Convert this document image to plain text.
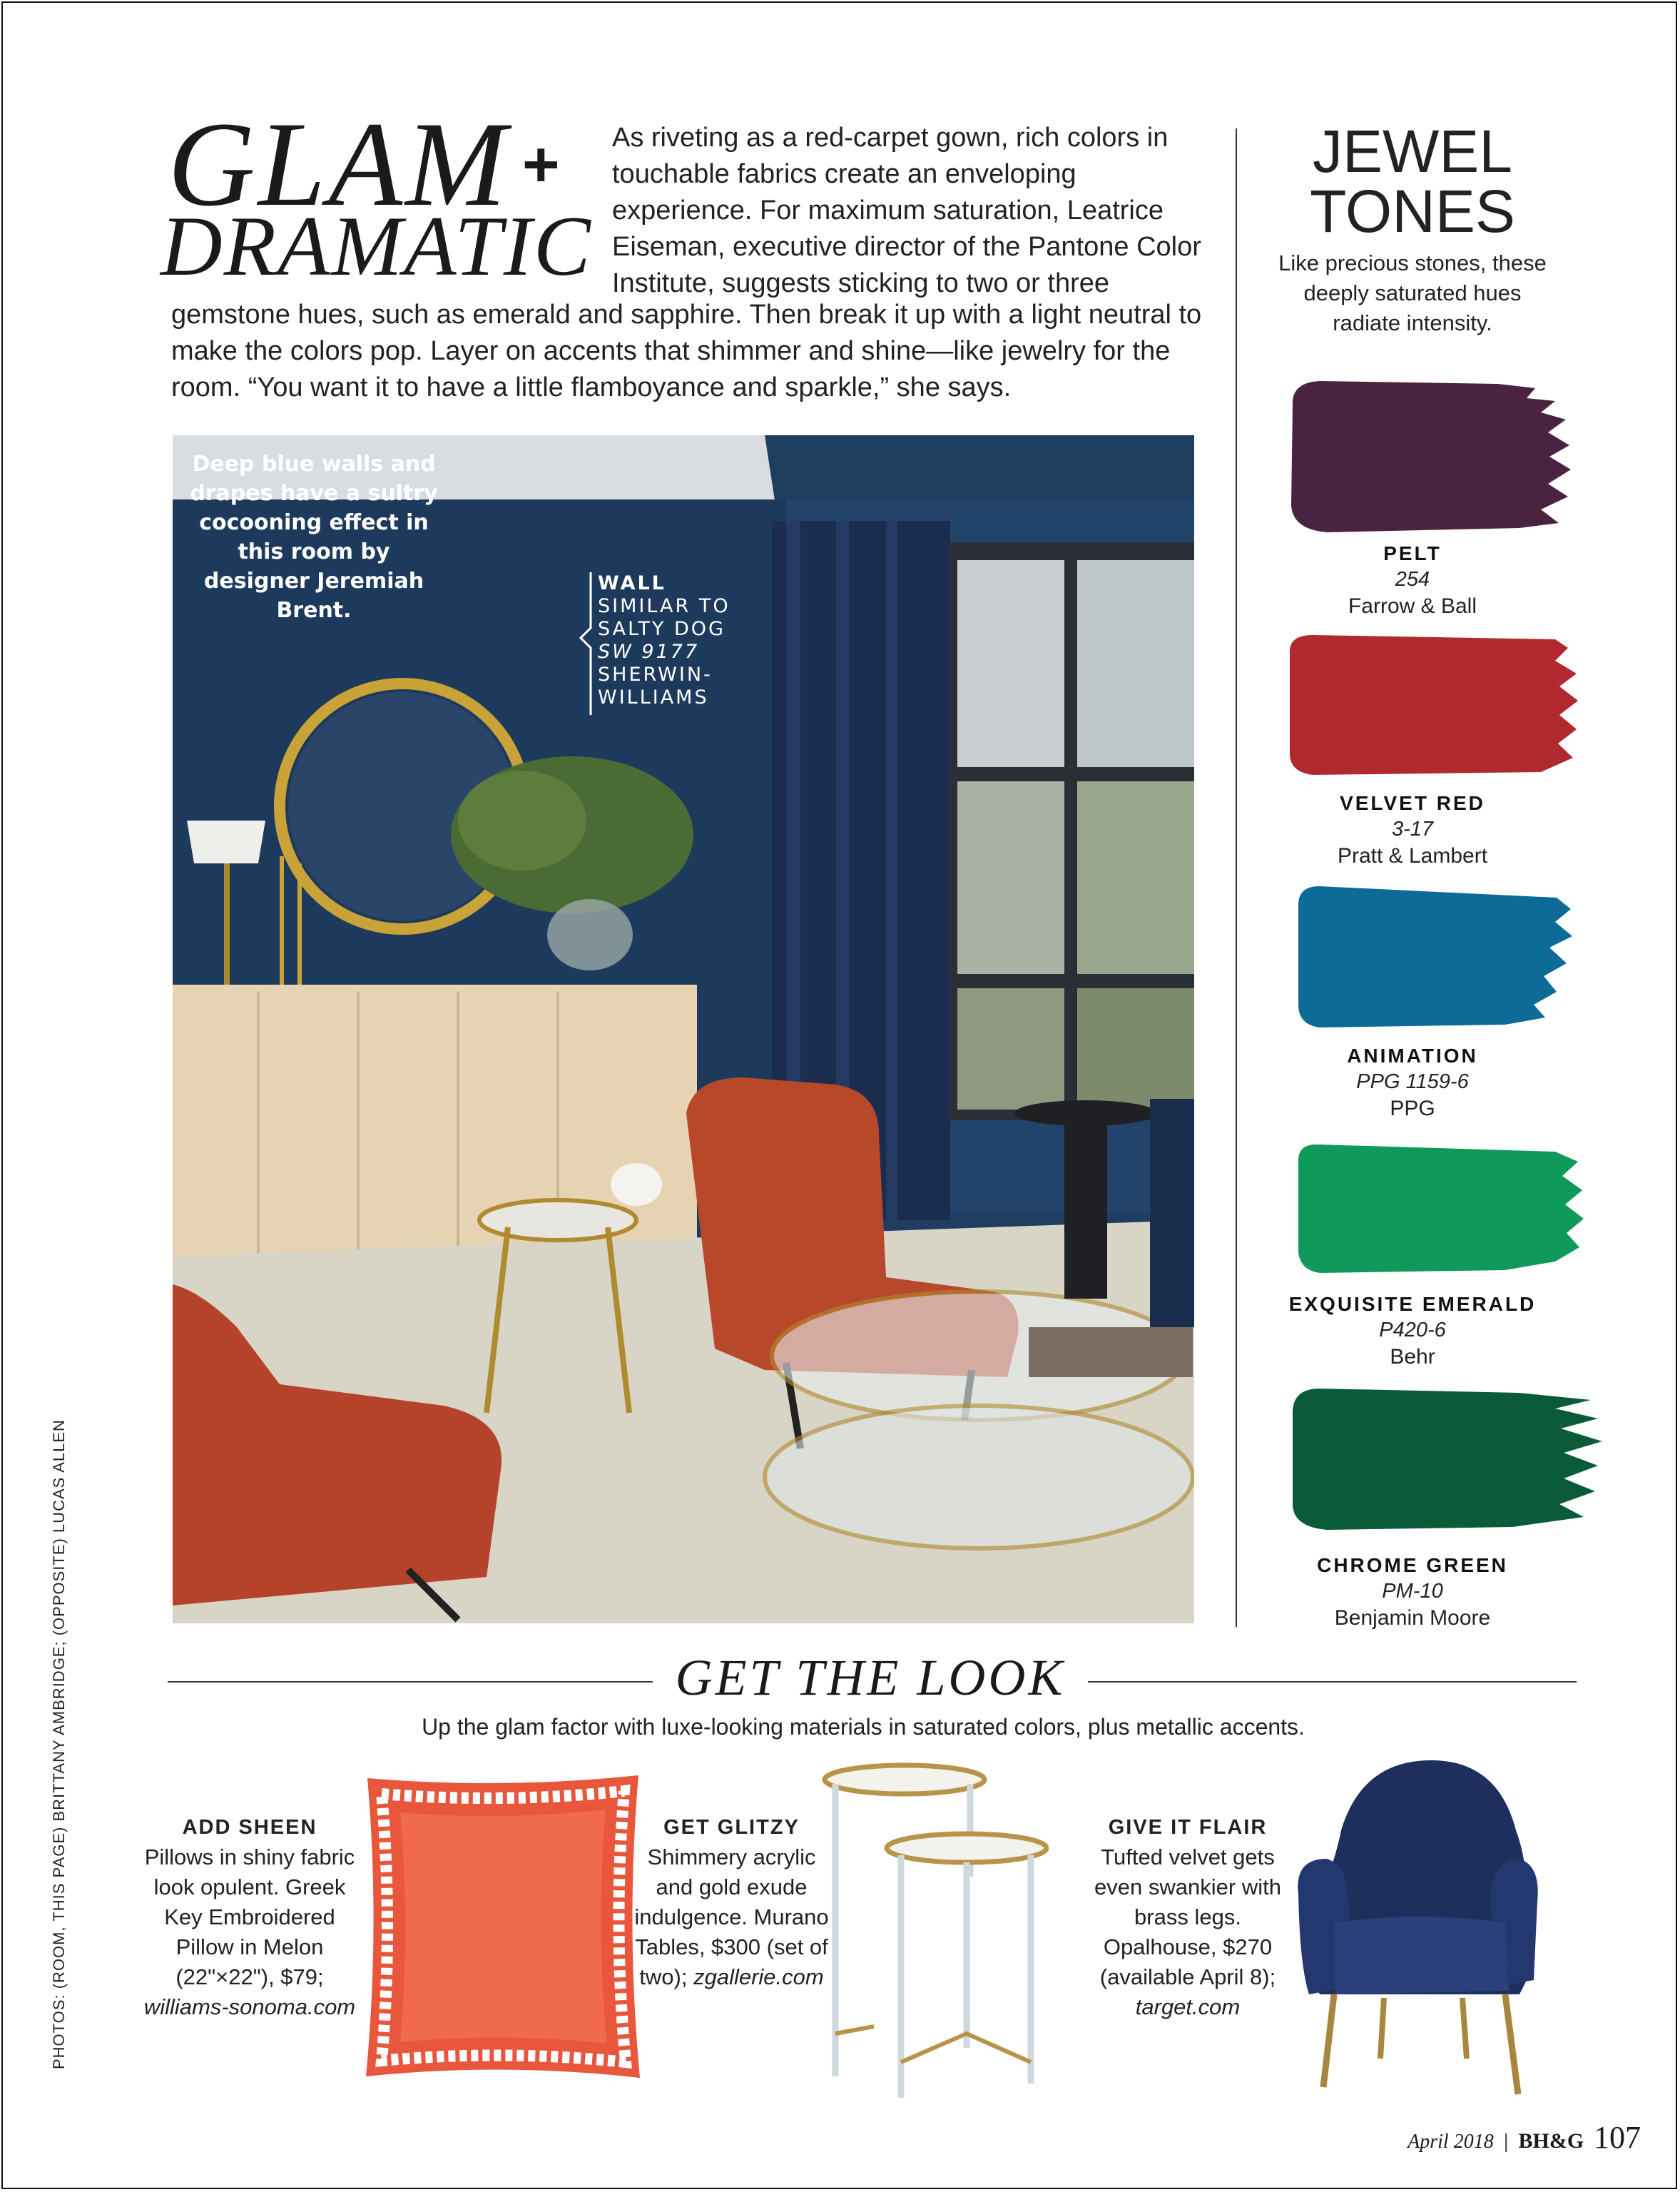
GLAM +
DRAMATIC
As riveting as a red-carpet gown, rich colors in touchable fabrics create an enveloping experience. For maximum saturation, Leatrice Eiseman, executive director of the Pantone Color Institute, suggests sticking to two or three
gemstone hues, such as emerald and sapphire. Then break it up with a light neutral to make the colors pop. Layer on accents that shimmer and shine—like jewelry for the room. “You want it to have a little flamboyance and sparkle,” she says.
JEWEL
TONES
Like precious stones, these deeply saturated hues radiate intensity.
PELT
254
Farrow & Ball
VELVET RED
3-17
Pratt & Lambert
ANIMATION
PPG 1159-6
PPG
EXQUISITE EMERALD
P420-6
Behr
CHROME GREEN
PM-10
Benjamin Moore
Deep blue walls and drapes have a sultry cocooning effect in this room by designer Jeremiah Brent.
WALL
SIMILAR TO
SALTY DOG
SW 9177
SHERWIN-
WILLIAMS
PHOTOS: (ROOM, THIS PAGE) BRITTANY AMBRIDGE; (OPPOSITE) LUCAS ALLEN	GET THE LOOK
Up the glam factor with luxe-looking materials in saturated colors, plus metallic accents.
ADD SHEEN
Pillows in shiny fabric look opulent. Greek Key Embroidered Pillow in Melon (22"×22"), $79; williams-sonoma.com
GET GLITZY
Shimmery acrylic and gold exude indulgence. Murano Tables, $300 (set of two); zgallerie.com
GIVE IT FLAIR
Tufted velvet gets even swankier with brass legs. Opalhouse, $270 (available April 8); target.com
April 2018 | BH&G 107
